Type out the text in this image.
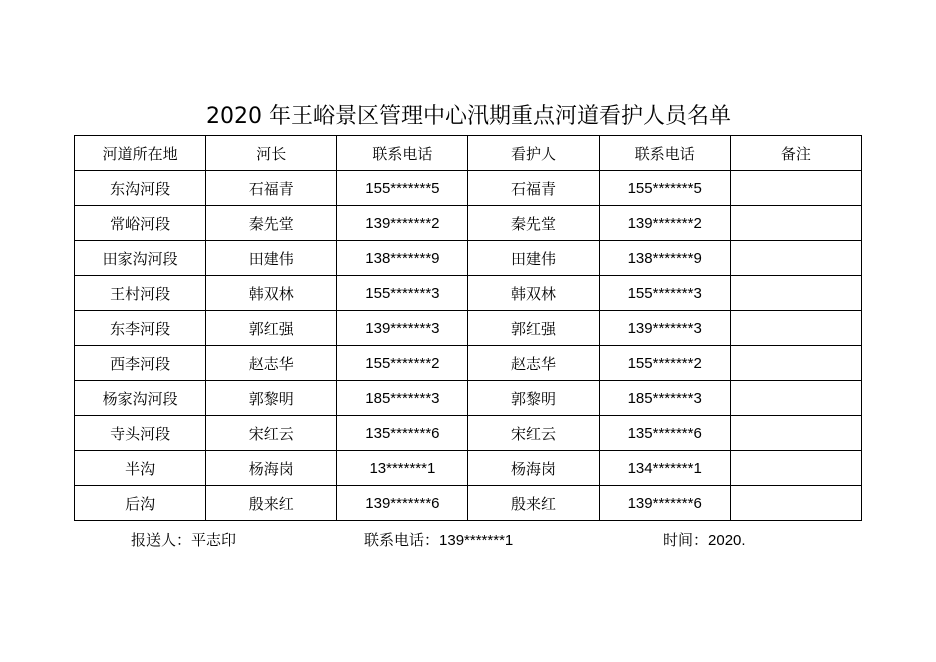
2020 年王峪景区管理中心汛期重点河道看护人员名单
河道所在地	河长	联系电话	看护人	联系电话	备注
东沟河段	石福青	155*******5	石福青	155*******5	
常峪河段	秦先堂	139*******2	秦先堂	139*******2	
田家沟河段	田建伟	138*******9	田建伟	138*******9	
王村河段	韩双林	155*******3	韩双林	155*******3	
东李河段	郭红强	139*******3	郭红强	139*******3	
西李河段	赵志华	155*******2	赵志华	155*******2	
杨家沟河段	郭黎明	185*******3	郭黎明	185*******3	
寺头河段	宋红云	135*******6	宋红云	135*******6	
半沟	杨海岗	13*******1	杨海岗	134*******1	
后沟	殷来红	139*******6	殷来红	139*******6	
报送人：平志印	联系电话：139*******1	时间：2020.
